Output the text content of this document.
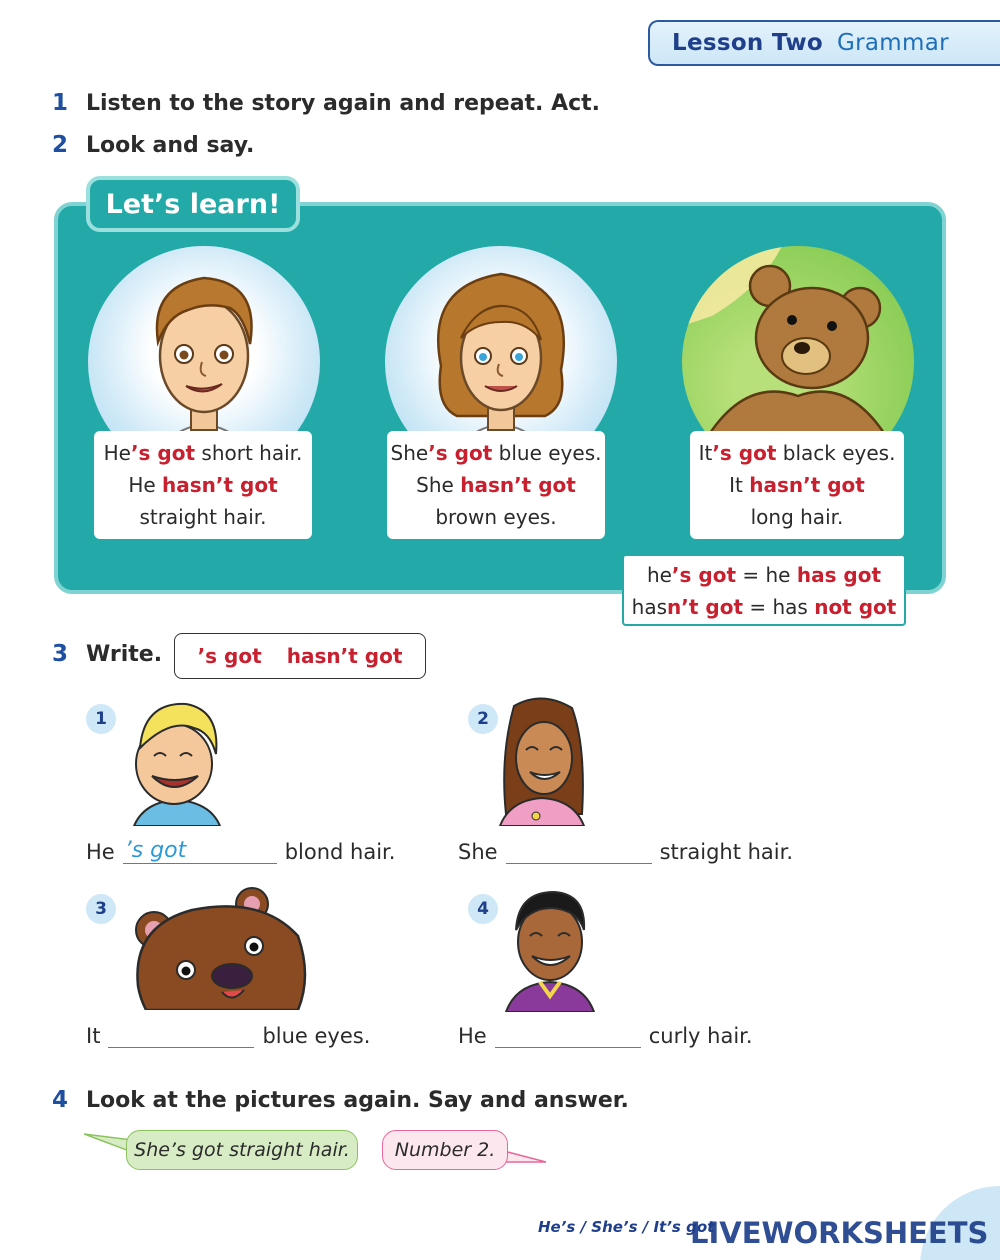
Lesson Two Grammar
1 Listen to the story again and repeat. Act.
2 Look and say.
Let’s learn!
He’s got short hair.
He hasn’t got
straight hair.
She’s got blue eyes.
She hasn’t got
brown eyes.
It’s got black eyes.
It hasn’t got
long hair.
he’s got = he has got
hasn’t got = has not got
3 Write. ’s got hasn’t got
1
He ’s got	blond hair.
2
She	straight hair.
3
It	blue eyes.
4
He	curly hair.
4 Look at the pictures again. Say and answer.
She’s got straight hair.	Number 2.
He’s / She’s / It’s got
LIVEWORKSHEETS
